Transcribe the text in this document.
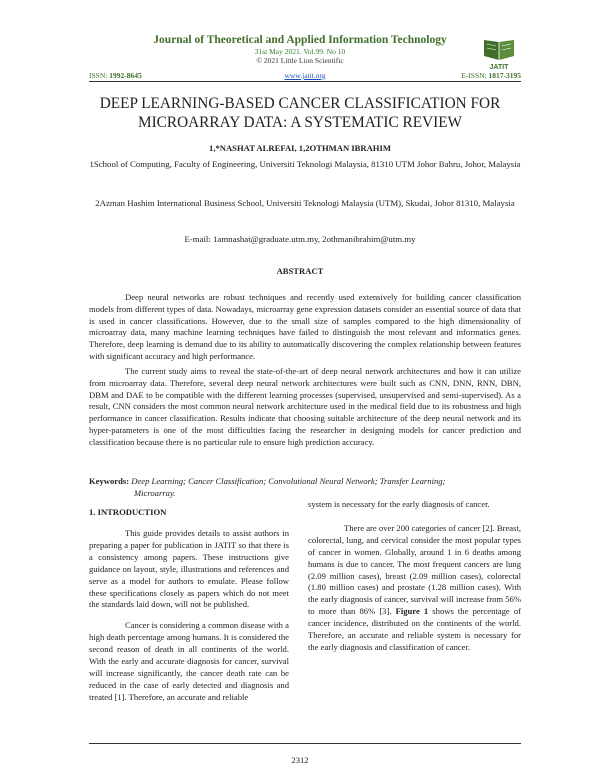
Journal of Theoretical and Applied Information Technology
31st May 2021. Vol.99. No 10
© 2021 Little Lion Scientific
JATIT
ISSN: 1992-8645	www.jatit.org	E-ISSN: 1817-3195
DEEP LEARNING-BASED CANCER CLASSIFICATION FOR MICROARRAY DATA: A SYSTEMATIC REVIEW
1,*NASHAT ALREFAI, 1,2OTHMAN IBRAHIM
1School of Computing, Faculty of Engineering, Universiti Teknologi Malaysia, 81310 UTM Johor Bahru, Johor, Malaysia
2Azman Hashim International Business School, Universiti Teknologi Malaysia (UTM), Skudai, Johor 81310, Malaysia
E-mail: 1amnashat@graduate.utm.my, 2othmanibrahim@utm.my
ABSTRACT
Deep neural networks are robust techniques and recently used extensively for building cancer classification models from different types of data. Nowadays, microarray gene expression datasets consider an essential source of data that is used in cancer classifications. However, due to the small size of samples compared to the high dimensionality of microarray data, many machine learning techniques have failed to distinguish the most relevant and informatics genes. Therefore, deep learning is demand due to its ability to automatically discovering the complex relationship between features with significant accuracy and high performance.
The current study aims to reveal the state-of-the-art of deep neural network architectures and how it can utilize from microarray data. Therefore, several deep neural network architectures were built such as CNN, DNN, RNN, DBN, DBM and DAE to be compatible with the different learning processes (supervised, unsupervised and semi-supervised). As a result, CNN considers the most common neural network architecture used in the medical field due to its robustness and high performance in cancer classification. Results indicate that choosing suitable architecture of the deep neural network and its hyper-parameters is one of the most difficulties facing the researcher in designing models for cancer prediction and classification because there is no particular rule to ensure high prediction accuracy.
Keywords: Deep Learning; Cancer Classification; Convolutional Neural Network; Transfer Learning;
Microarray.
1. INTRODUCTION

This guide provides details to assist authors in preparing a paper for publication in JATIT so that there is a consistency among papers. These instructions give guidance on layout, style, illustrations and references and serve as a model for authors to emulate. Please follow these specifications closely as papers which do not meet the standards laid down, will not be published.

Cancer is considering a common disease with a high death percentage among humans. It is considered the second reason of death in all continents of the world. With the early and accurate diagnosis for cancer, survival will increase significantly, the cancer death rate can be reduced in the case of early detected and diagnosis and treated [1]. Therefore, an accurate and reliable

system is necessary for the early diagnosis of cancer.

There are over 200 categories of cancer [2]. Breast, colorectal, lung, and cervical consider the most popular types of cancer in women. Globally, around 1 in 6 deaths among humans is due to cancer. The most frequent cancers are lung (2.09 million cases), breast (2.09 million cases), colorectal (1.80 million cases) and prostate (1.28 million cases). With the early diagnosis of cancer, survival will increase from 56% to more than 86% [3]. Figure 1 shows the percentage of cancer incidence, distributed on the continents of the world. Therefore, an accurate and reliable system is necessary for the early diagnosis and classification of cancer.

2312
